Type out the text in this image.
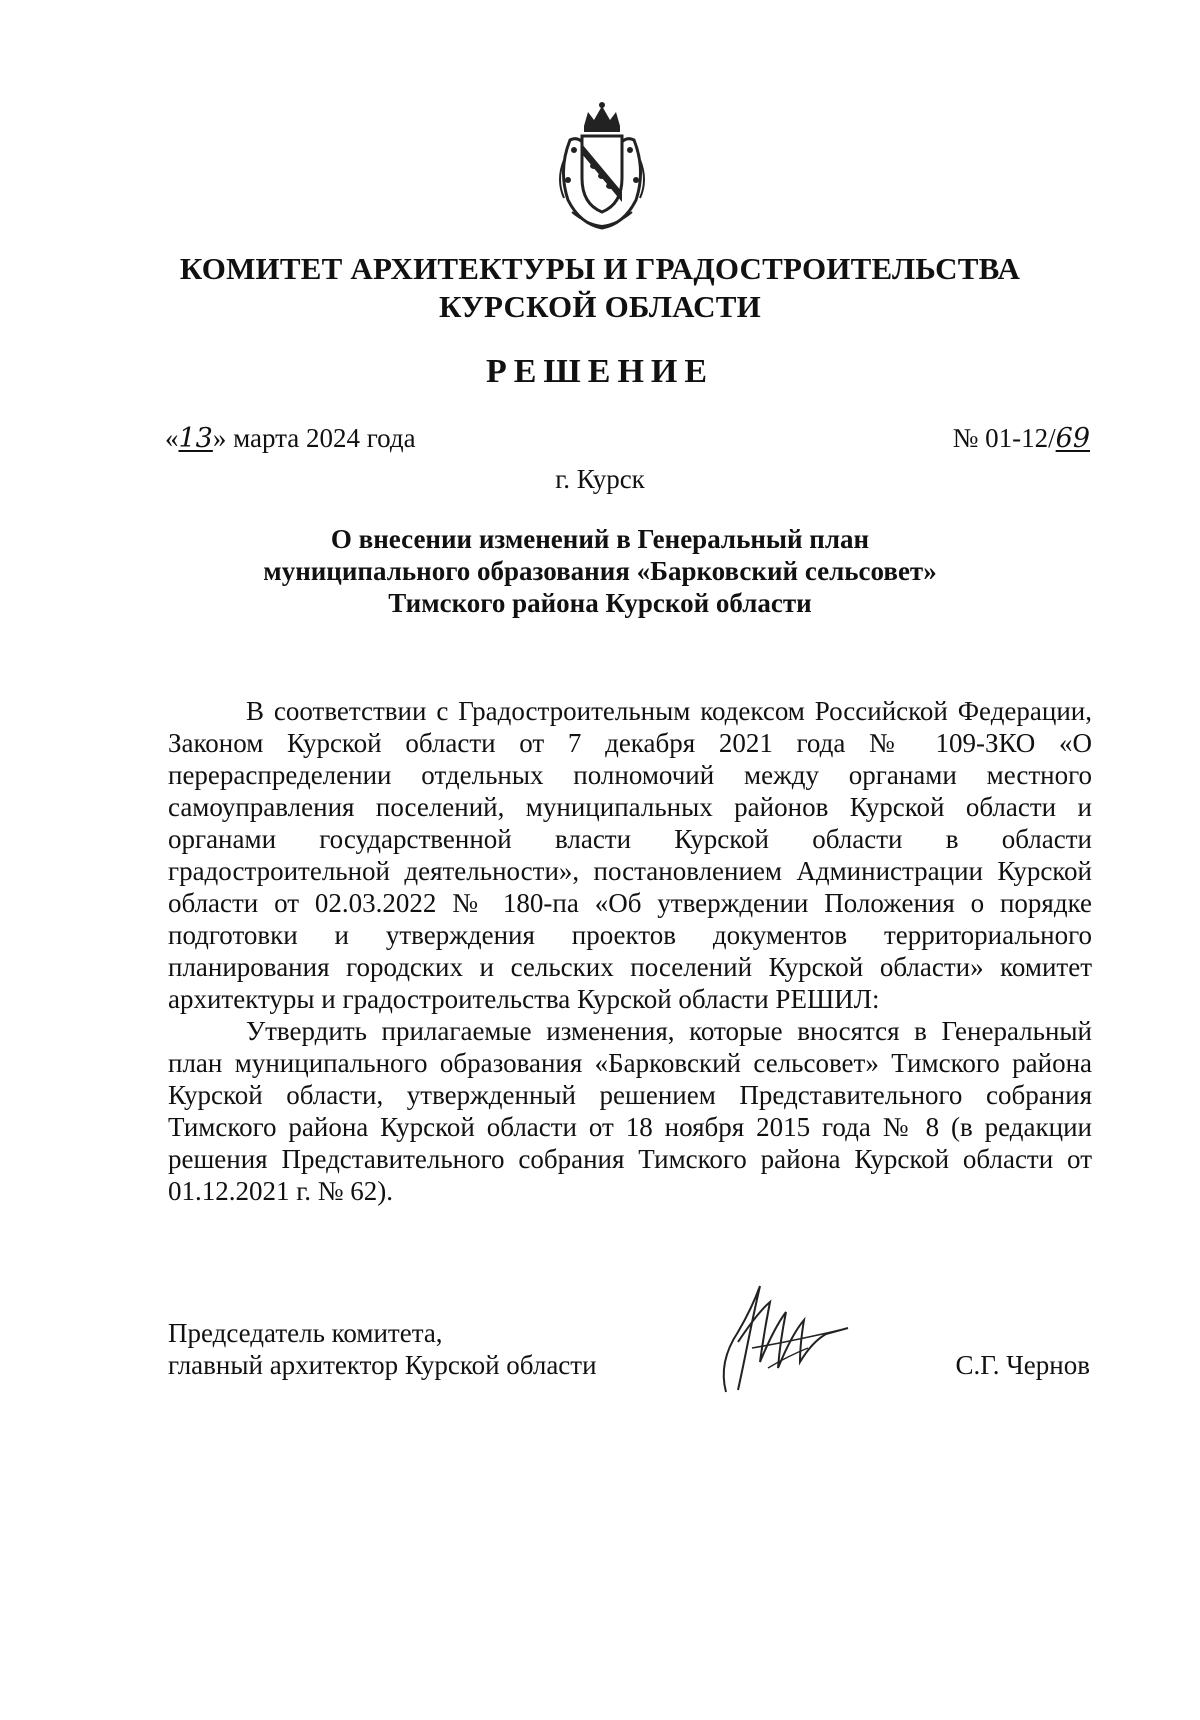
КОМИТЕТ АРХИТЕКТУРЫ И ГРАДОСТРОИТЕЛЬСТВА
КУРСКОЙ ОБЛАСТИ
РЕШЕНИЕ
«13» марта 2024 года	№ 01-12/69
г. Курск
О внесении изменений в Генеральный план
муниципального образования «Барковский сельсовет»
Тимского района Курской области

В соответствии с Градостроительным кодексом Российской Федерации, Законом Курской области от 7 декабря 2021 года № 109-ЗКО «О перераспределении отдельных полномочий между органами местного самоуправления поселений, муниципальных районов Курской области и органами государственной власти Курской области в области градостроительной деятельности», постановлением Администрации Курской области от 02.03.2022 № 180-па «Об утверждении Положения о порядке подготовки и утверждения проектов документов территориального планирования городских и сельских поселений Курской области» комитет архитектуры и градостроительства Курской области РЕШИЛ:

Утвердить прилагаемые изменения, которые вносятся в Генеральный план муниципального образования «Барковский сельсовет» Тимского района Курской области, утвержденный решением Представительного собрания Тимского района Курской области от 18 ноября 2015 года № 8 (в редакции решения Представительного собрания Тимского района Курской области от 01.12.2021 г. № 62).

Председатель комитета,
главный архитектор Курской области	С.Г. Чернов
